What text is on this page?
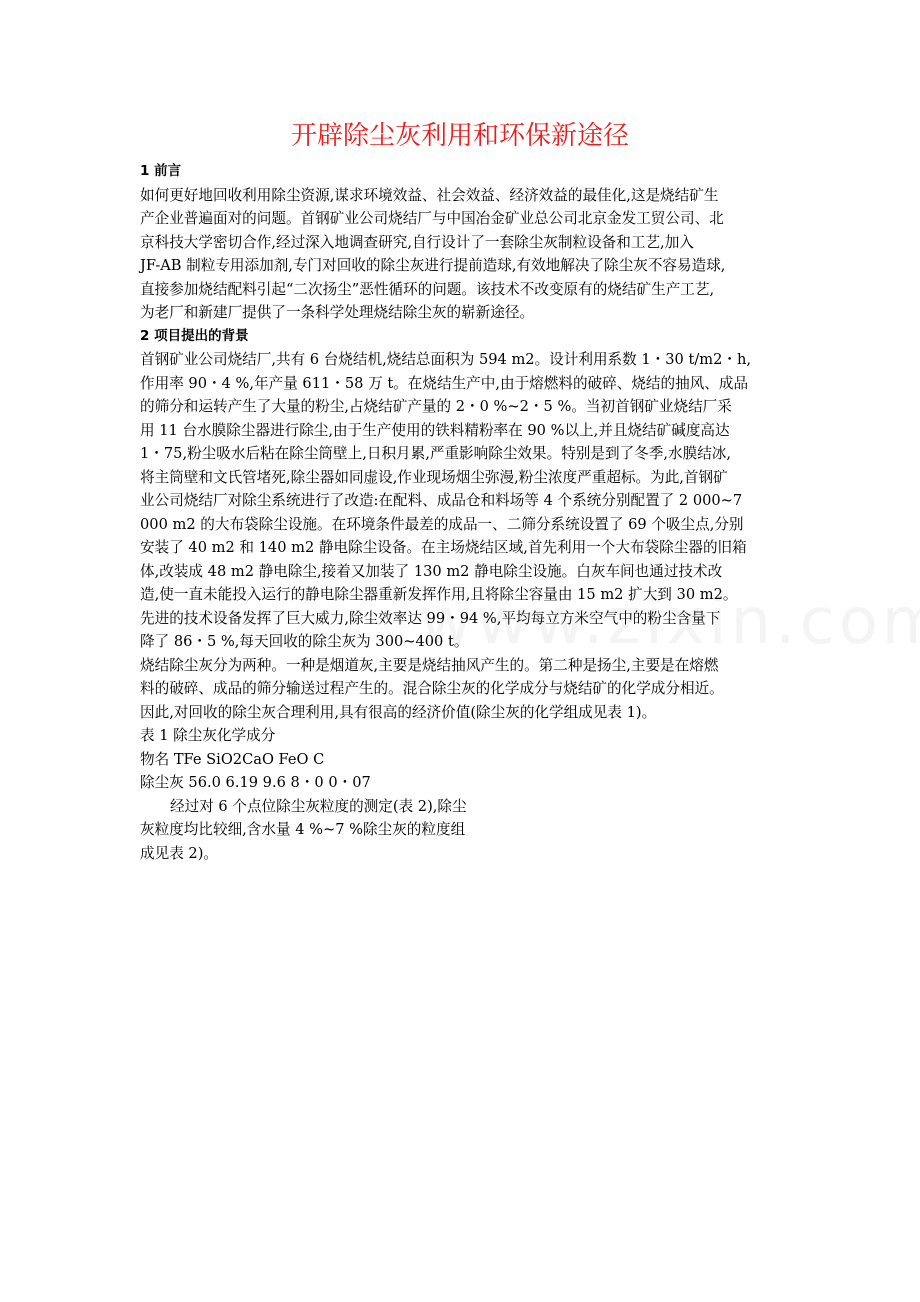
开辟除尘灰利用和环保新途径
1 前言
如何更好地回收利用除尘资源,谋求环境效益、社会效益、经济效益的最佳化,这是烧结矿生
产企业普遍面对的问题。首钢矿业公司烧结厂与中国冶金矿业总公司北京金发工贸公司、北
京科技大学密切合作,经过深入地调查研究,自行设计了一套除尘灰制粒设备和工艺,加入
JF-AB 制粒专用添加剂,专门对回收的除尘灰进行提前造球,有效地解决了除尘灰不容易造球,
直接参加烧结配料引起“二次扬尘”恶性循环的问题。该技术不改变原有的烧结矿生产工艺,
为老厂和新建厂提供了一条科学处理烧结除尘灰的崭新途径。
2 项目提出的背景
首钢矿业公司烧结厂,共有 6 台烧结机,烧结总面积为 594 m2。设计利用系数 1・30 t/m2・h,
作用率 90・4 %,年产量 611・58 万 t。在烧结生产中,由于熔燃料的破碎、烧结的抽风、成品
的筛分和运转产生了大量的粉尘,占烧结矿产量的 2・0 %~2・5 %。当初首钢矿业烧结厂采
用 11 台水膜除尘器进行除尘,由于生产使用的铁料精粉率在 90 %以上,并且烧结矿碱度高达
1・75,粉尘吸水后粘在除尘筒壁上,日积月累,严重影响除尘效果。特别是到了冬季,水膜结冰,
将主筒壁和文氏管堵死,除尘器如同虚设,作业现场烟尘弥漫,粉尘浓度严重超标。为此,首钢矿
业公司烧结厂对除尘系统进行了改造:在配料、成品仓和料场等 4 个系统分别配置了 2 000~7
000 m2 的大布袋除尘设施。在环境条件最差的成品一、二筛分系统设置了 69 个吸尘点,分别
安装了 40 m2 和 140 m2 静电除尘设备。在主场烧结区域,首先利用一个大布袋除尘器的旧箱
体,改装成 48 m2 静电除尘,接着又加装了 130 m2 静电除尘设施。白灰车间也通过技术改
造,使一直未能投入运行的静电除尘器重新发挥作用,且将除尘容量由 15 m2 扩大到 30 m2。
先进的技术设备发挥了巨大威力,除尘效率达 99・94 %,平均每立方米空气中的粉尘含量下
降了 86・5 %,每天回收的除尘灰为 300~400 t。
烧结除尘灰分为两种。一种是烟道灰,主要是烧结抽风产生的。第二种是扬尘,主要是在熔燃
料的破碎、成品的筛分输送过程产生的。混合除尘灰的化学成分与烧结矿的化学成分相近。
因此,对回收的除尘灰合理利用,具有很高的经济价值(除尘灰的化学组成见表 1)。
表 1 除尘灰化学成分
物名 TFe SiO2CaO FeO C
除尘灰 56.0 6.19 9.6 8・0 0・07
经过对 6 个点位除尘灰粒度的测定(表 2),除尘
灰粒度均比较细,含水量 4 %~7 %除尘灰的粒度组
成见表 2)。
